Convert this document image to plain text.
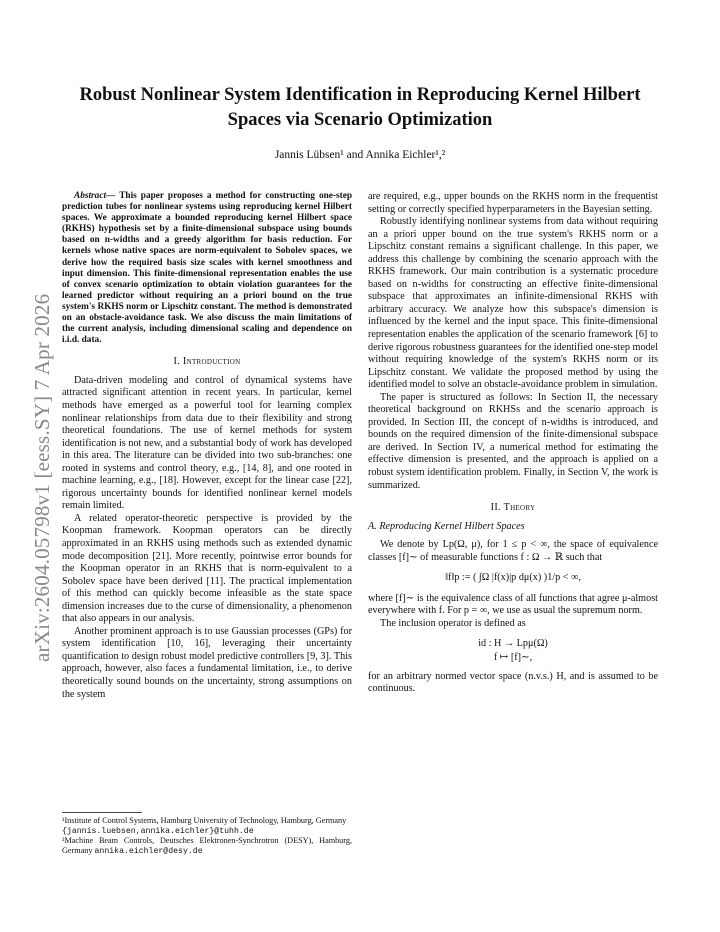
arXiv:2604.05798v1 [eess.SY] 7 Apr 2026
Robust Nonlinear System Identification in Reproducing Kernel Hilbert Spaces via Scenario Optimization
Jannis Lübsen¹ and Annika Eichler¹,²

Abstract— This paper proposes a method for constructing one-step prediction tubes for nonlinear systems using reproducing kernel Hilbert spaces. We approximate a bounded reproducing kernel Hilbert space (RKHS) hypothesis set by a finite-dimensional subspace using bounds based on n-widths and a greedy algorithm for basis reduction. For kernels whose native spaces are norm-equivalent to Sobolev spaces, we derive how the required basis size scales with kernel smoothness and input dimension. This finite-dimensional representation enables the use of convex scenario optimization to obtain violation guarantees for the learned predictor without requiring an a priori bound on the true system's RKHS norm or Lipschitz constant. The method is demonstrated on an obstacle-avoidance task. We also discuss the main limitations of the current analysis, including dimensional scaling and dependence on i.i.d. data.

I. Introduction

Data-driven modeling and control of dynamical systems have attracted significant attention in recent years. In particular, kernel methods have emerged as a powerful tool for learning complex nonlinear relationships from data due to their flexibility and strong theoretical foundations. The use of kernel methods for system identification is not new, and a substantial body of work has developed in this area. The literature can be divided into two sub-branches: one rooted in systems and control theory, e.g., [14, 8], and one rooted in machine learning, e.g., [18]. However, except for the linear case [22], rigorous uncertainty bounds for identified nonlinear kernel models remain limited.

A related operator-theoretic perspective is provided by the Koopman framework. Koopman operators can be directly approximated in an RKHS using methods such as extended dynamic mode decomposition [21]. More recently, pointwise error bounds for the Koopman operator in an RKHS that is norm-equivalent to a Sobolev space have been derived [11]. The practical implementation of this method can quickly become infeasible as the state space dimension increases due to the curse of dimensionality, a phenomenon that also appears in our analysis.

Another prominent approach is to use Gaussian processes (GPs) for system identification [10, 16], leveraging their uncertainty quantification to design robust model predictive controllers [9, 3]. This approach, however, also faces a fundamental limitation, i.e., to derive theoretically sound bounds on the uncertainty, strong assumptions on the system

¹Institute of Control Systems, Hamburg University of Technology, Hamburg, Germany
{jannis.luebsen,annika.eichler}@tuhh.de
²Machine Beam Controls, Deutsches Elektronen-Synchrotron (DESY), Hamburg, Germany annika.eichler@desy.de

are required, e.g., upper bounds on the RKHS norm in the frequentist setting or correctly specified hyperparameters in the Bayesian setting.

Robustly identifying nonlinear systems from data without requiring an a priori upper bound on the true system's RKHS norm or a Lipschitz constant remains a significant challenge. In this paper, we address this challenge by combining the scenario approach with the RKHS framework. Our main contribution is a systematic procedure based on n-widths for constructing an effective finite-dimensional subspace that approximates an infinite-dimensional RKHS with arbitrary accuracy. We analyze how this subspace's dimension is influenced by the kernel and the input space. This finite-dimensional representation enables the application of the scenario framework [6] to derive rigorous robustness guarantees for the identified one-step model without requiring knowledge of the system's RKHS norm or its Lipschitz constant. We validate the proposed method by using the identified model to solve an obstacle-avoidance problem in simulation.

The paper is structured as follows: In Section II, the necessary theoretical background on RKHSs and the scenario approach is provided. In Section III, the concept of n-widths is introduced, and bounds on the required dimension of the finite-dimensional subspace are derived. In Section IV, a numerical method for estimating the effective dimension is presented, and the approach is applied on a robust system identification problem. Finally, in Section V, the work is summarized.

II. Theory
A. Reproducing Kernel Hilbert Spaces

We denote by Lp(Ω, μ), for 1 ≤ p < ∞, the space of equivalence classes [f]∼ of measurable functions f : Ω → ℝ such that

‖f‖p := ( ∫Ω |f(x)|p dμ(x) )1/p < ∞,

where [f]∼ is the equivalence class of all functions that agree μ-almost everywhere with f. For p = ∞, we use as usual the supremum norm.

The inclusion operator is defined as

id : H → Lpμ(Ω)
f ↦ [f]∼,

for an arbitrary normed vector space (n.v.s.) H, and is assumed to be continuous.
